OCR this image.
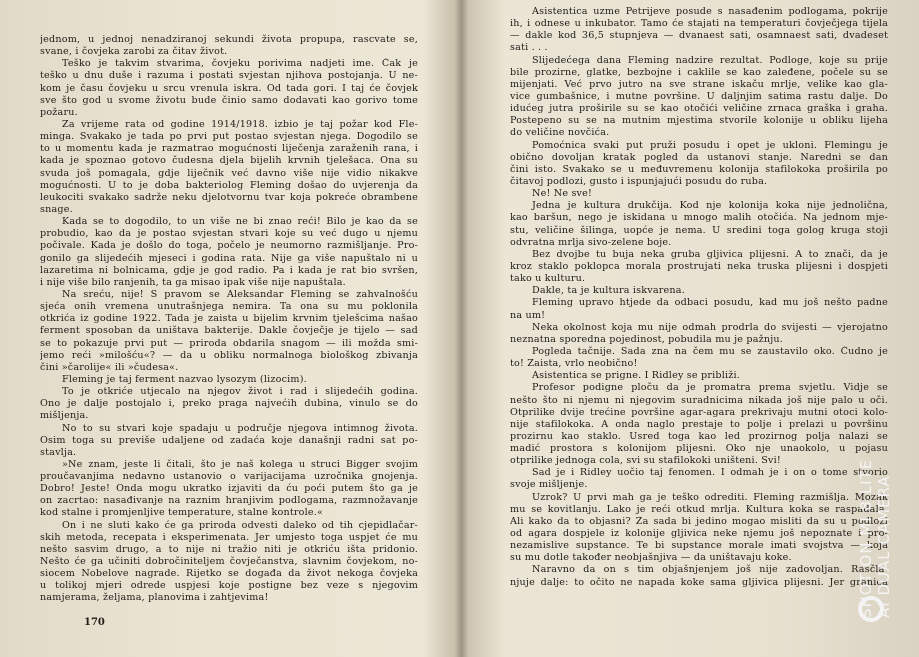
jednom, u jednoj nenadziranoj sekundi života propupa, rascvate se,
svane, i čovjeka zarobi za čitav život.
Teško je takvim stvarima, čovjeku porivima nadjeti ime. Čak je
teško u dnu duše i razuma i postati svjestan njihova postojanja. U ne-
kom je času čovjeku u srcu vrenula iskra. Od tada gori. I taj će čovjek
sve što god u svome životu bude činio samo dodavati kao gorivo tome
požaru.
Za vrijeme rata od godine 1914/1918. izbio je taj požar kod Fle-
minga. Svakako je tada po prvi put postao svjestan njega. Dogodilo se
to u momentu kada je razmatrao mogućnosti liječenja zaraženih rana, i
kada je spoznao gotovo čudesna djela bijelih krvnih tjelešaca. Ona su
svuda još pomagala, gdje liječnik već davno više nije vidio nikakve
mogućnosti. U to je doba bakteriolog Fleming došao do uvjerenja da
leukociti svakako sadrže neku djelotvornu tvar koja pokreće obrambene
snage.
Kada se to dogodilo, to un više ne bi znao reći! Bilo je kao da se
probudio, kao da je postao svjestan stvari koje su već dugo u njemu
počivale. Kada je došlo do toga, počelo je neumorno razmišljanje. Pro-
gonilo ga slijedećih mjeseci i godina rata. Nije ga više napuštalo ni u
lazaretima ni bolnicama, gdje je god radio. Pa i kada je rat bio svršen,
i nije više bilo ranjenih, ta ga misao ipak više nije napuštala.
Na sreću, nije! S pravom se Aleksandar Fleming se zahvalnošću
sjeća onih vremena unutrašnjega nemira. Ta ona su mu poklonila
otkrića iz godine 1922. Tada je zaista u bijelim krvnim tjelešcima našao
ferment sposoban da uništava bakterije. Dakle čovječje je tijelo — sad
se to pokazuje prvi put — priroda obdarila snagom — ili možda smi-
jemo reći »milošću«? — da u obliku normalnoga biološkog zbivanja
čini »čarolije« ili »čudesa«.
Fleming je taj ferment nazvao lysozym (lizocim).
To je otkriće utjecalo na njegov život i rad i slijedećih godina.
Ono je dalje postojalo i, preko praga najvećih dubina, vinulo se do
mišljenja.
No to su stvari koje spadaju u područje njegova intimnog života.
Osim toga su previše udaljene od zadaća koje današnji radni sat po-
stavlja.
»Ne znam, jeste li čitali, što je naš kolega u struci Bigger svojim
proučavanjima nedavno ustanovio o varijacijama uzročnika gnojenja.
Dobro! Jeste! Onda mogu ukratko izjaviti da ću poći putem što ga je
on zacrtao: nasađivanje na raznim hranjivim podlogama, razmnožavanje
kod stalne i promjenljive temperature, stalne kontrole.«
On i ne sluti kako će ga priroda odvesti daleko od tih cjepidlačar-
skih metoda, recepata i eksperimenata. Jer umjesto toga uspjet će mu
nešto sasvim drugo, a to nije ni tražio niti je otkriću išta pridonio.
Nešto će ga učiniti dobročiniteljem čovječanstva, slavnim čovjekom, no-
siocem Nobelove nagrade. Rijetko se događa da život nekoga čovjeka
u tolikoj mjeri odrede uspjesi koje postigne bez veze s njegovim
namjerama, željama, planovima i zahtjevima!
170
Asistentica uzme Petrijeve posude s nasađenim podlogama, pokrije
ih, i odnese u inkubator. Tamo će stajati na temperaturi čovječjega tijela
— dakle kod 36,5 stupnjeva — dvanaest sati, osamnaest sati, dvadeset
sati . . .
Slijedećega dana Fleming nadzire rezultat. Podloge, koje su prije
bile prozirne, glatke, bezbojne i caklile se kao zaleđene, počele su se
mijenjati. Već prvo jutro na sve strane iskaču mrlje, velike kao gla-
vice gumbašnice, i mutne površine. U daljnjim satima rastu dalje. Do
idućeg jutra proširile su se kao otočići veličine zrnaca graška i graha.
Postepeno su se na mutnim mjestima stvorile kolonije u obliku lijeha
do veličine novčića.
Pomoćnica svaki put pruži posudu i opet je ukloni. Flemingu je
obično dovoljan kratak pogled da ustanovi stanje. Naredni se dan
čini isto. Svakako se u međuvremenu kolonija stafilokoka proširila po
čitavoj podlozi, gusto i ispunjajući posudu do ruba.
Ne! Ne sve!
Jedna je kultura drukčija. Kod nje kolonija koka nije jednolična,
kao baršun, nego je iskidana u mnogo malih otočića. Na jednom mje-
stu, veličine šilinga, uopće je nema. U sredini toga golog kruga stoji
odvratna mrlja sivo-zelene boje.
Bez dvojbe tu buja neka gruba gljivica plijesni. A to znači, da je
kroz staklo poklopca morala prostrujati neka truska plijesni i dospjeti
tako u kulturu.
Dakle, ta je kultura iskvarena.
Fleming upravo htjede da odbaci posudu, kad mu još nešto padne
na um!
Neka okolnost koja mu nije odmah prodrla do svijesti — vjerojatno
neznatna sporedna pojedinost, pobudila mu je pažnju.
Pogleda tačnije. Sada zna na čem mu se zaustavilo oko. Čudno je
to! Zaista, vrlo neobično!
Asistentica se prigne. I Ridley se približi.
Profesor podigne ploču da je promatra prema svjetlu. Vidje se
nešto što ni njemu ni njegovim suradnicima nikada još nije palo u oči.
Otprilike dvije trećine površine agar-agara prekrivaju mutni otoci kolo-
nije stafilokoka. A onda naglo prestaje to polje i prelazi u površinu
prozirnu kao staklo. Usred toga kao led prozirnog polja nalazi se
madić prostora s kolonijom plijesni. Oko nje unaokolo, u pojasu
otprilike jednoga cola, svi su stafilokoki uništeni. Svi!
Sad je i Ridley uočio taj fenomen. I odmah je i on o tome stvorio
svoje mišljenje.
Uzrok? U prvi mah ga je teško odrediti. Fleming razmišlja. Mozak
mu se kovitlanju. Lako je reći otkud mrlja. Kultura koka se raspadala.
Ali kako da to objasni? Za sada bi jedino mogao misliti da su u podlozi
od agara dospjele iz kolonije gljivica neke njemu još nepoznate i pro-
nezamislive supstance. Te bi supstance morale imati svojstva — koja
su mu dotle također neobjašnjiva — da uništavaju koke.
Naravno da on s tim objašnjenjem još nije zadovoljan. Rasčla-
njuje dalje: to očito ne napada koke sama gljivica plijesni. Jer granica
SHOT ON MI 8 LITE AI DUAL CAMERA
